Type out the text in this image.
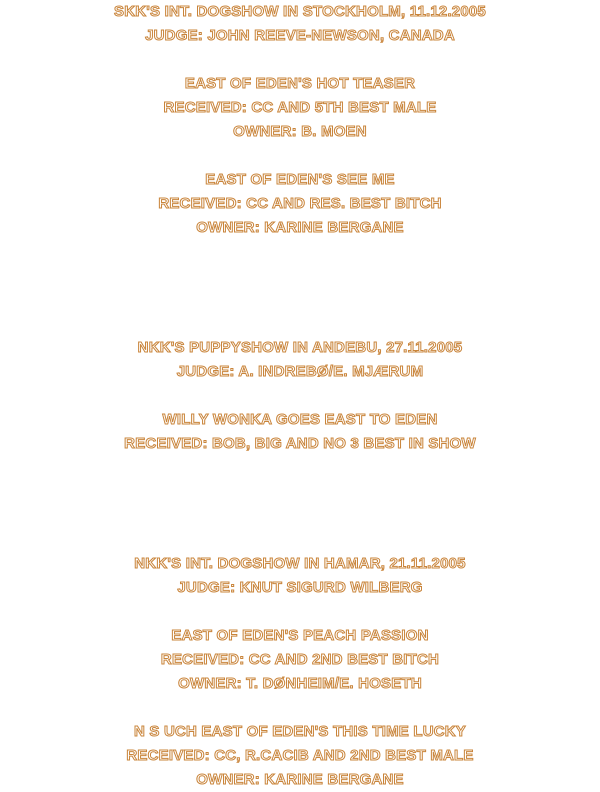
SKK'S INT. DOGSHOW IN STOCKHOLM, 11.12.2005
JUDGE: JOHN REEVE-NEWSON, CANADA
EAST OF EDEN'S HOT TEASER
RECEIVED: CC AND 5TH BEST MALE
OWNER: B. MOEN
EAST OF EDEN'S SEE ME
RECEIVED: CC AND RES. BEST BITCH
OWNER: KARINE BERGANE
NKK'S PUPPYSHOW IN ANDEBU, 27.11.2005
JUDGE: A. INDREBØ/E. MJÆRUM
WILLY WONKA GOES EAST TO EDEN
RECEIVED: BOB, BIG AND NO 3 BEST IN SHOW
NKK'S INT. DOGSHOW IN HAMAR, 21.11.2005
JUDGE: KNUT SIGURD WILBERG
EAST OF EDEN'S PEACH PASSION
RECEIVED: CC AND 2ND BEST BITCH
OWNER: T. DØNHEIM/E. HOSETH
N S UCH EAST OF EDEN'S THIS TIME LUCKY
RECEIVED: CC, R.CACIB AND 2ND BEST MALE
OWNER: KARINE BERGANE
